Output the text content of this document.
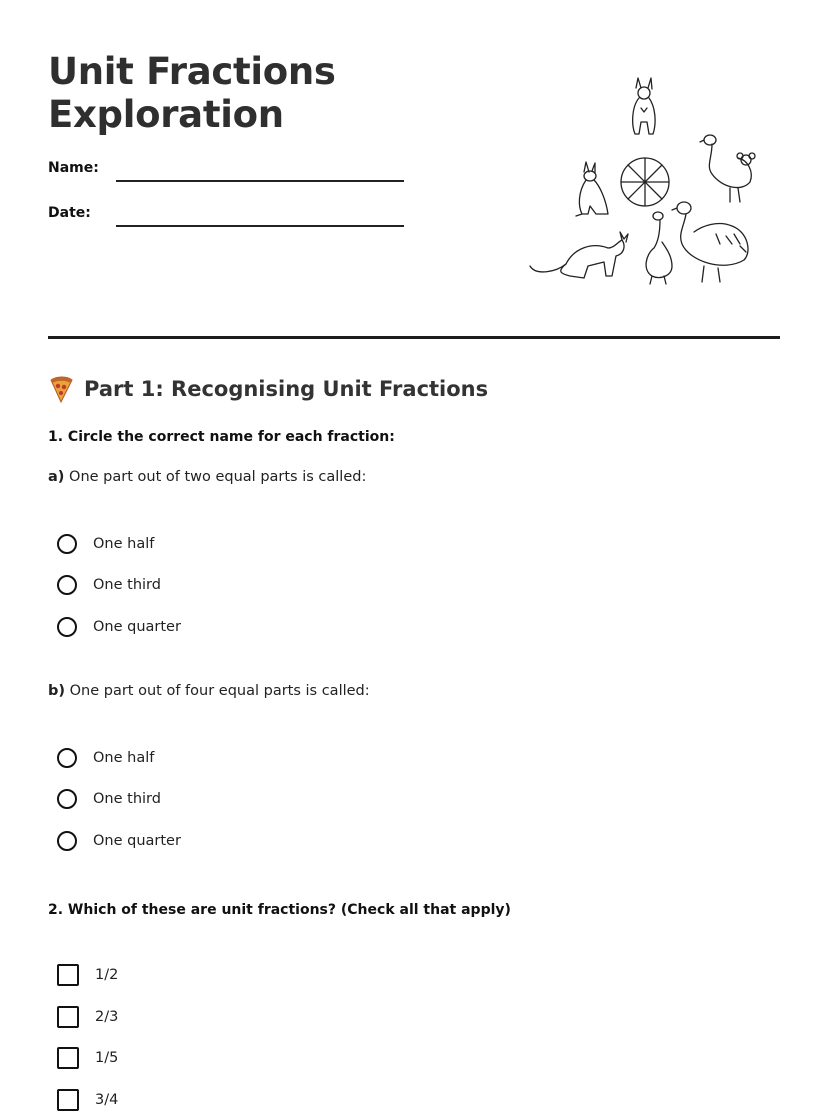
Unit Fractions
Exploration
Name:
Date:
Part 1: Recognising Unit Fractions
1. Circle the correct name for each fraction:
a) One part out of two equal parts is called:
One half
One third
One quarter
b) One part out of four equal parts is called:
One half
One third
One quarter
2. Which of these are unit fractions? (Check all that apply)
1/2
2/3
1/5
3/4
